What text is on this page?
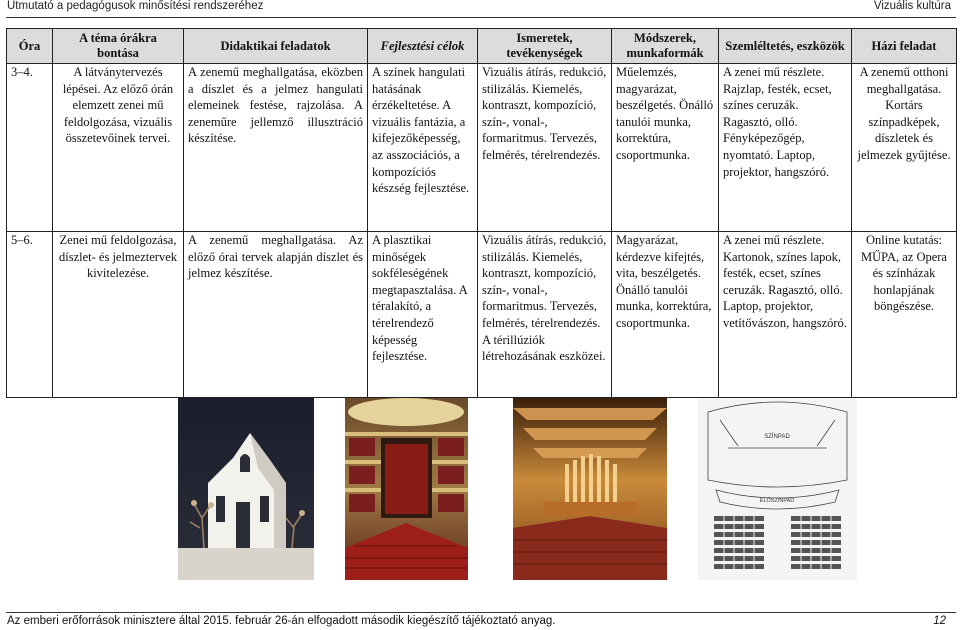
Útmutató a pedagógusok minősítési rendszeréhez	Vizuális kultúra
Óra	A téma órákra bontása	Didaktikai feladatok	Fejlesztési célok	Ismeretek, tevékenységek	Módszerek, munkaformák	Szemléltetés, eszközök	Házi feladat
3–4.	A látványtervezés lépései. Az előző órán elemzett zenei mű feldolgozása, vizuális összetevőinek tervei.	A zenemű meghallgatása, eközben a díszlet és a jelmez hangulati elemeinek festése, rajzolása. A zeneműre jellemző illusztráció készítése.	A színek hangulati hatásának érzékeltetése. A vizuális fantázia, a kifejezőképesség, az asszociációs, a kompozíciós készség fejlesztése.	Vizuális átírás, redukció, stilizálás. Kiemelés, kontraszt, kompozíció, szín-, vonal-, formaritmus. Tervezés, felmérés, térelrendezés.	Műelemzés, magyarázat, beszélgetés. Önálló tanulói munka, korrektúra, csoportmunka.	A zenei mű részlete. Rajzlap, festék, ecset, színes ceruzák. Ragasztó, olló. Fényképezőgép, nyomtató. Laptop, projektor, hangszóró.	A zenemű otthoni meghallgatása. Kortárs színpadképek, díszletek és jelmezek gyűjtése.
5–6.	Zenei mű feldolgozása, díszlet- és jelmeztervek kivitelezése.	A zenemű meghallgatása. Az előző órai tervek alapján díszlet és jelmez készítése.	A plasztikai minőségek sokféleségének megtapasztalása. A téralakító, a térelrendező képesség fejlesztése.	Vizuális átírás, redukció, stilizálás. Kiemelés, kontraszt, kompozíció, szín-, vonal-, formaritmus. Tervezés, felmérés, térelrendezés. A térillúziók létrehozásának eszközei.	Magyarázat, kérdezve kifejtés, vita, beszélgetés. Önálló tanulói munka, korrektúra, csoportmunka.	A zenei mű részlete. Kartonok, színes lapok, festék, ecset, színes ceruzák. Ragasztó, olló. Laptop, projektor, vetítővászon, hangszóró.	Online kutatás: MŰPA, az Opera és színházak honlapjának böngészése.
SZÍNPAD
ELŐSZÍNPAD
Az emberi erőforrások minisztere által 2015. február 26-án elfogadott második kiegészítő tájékoztató anyag.	12
